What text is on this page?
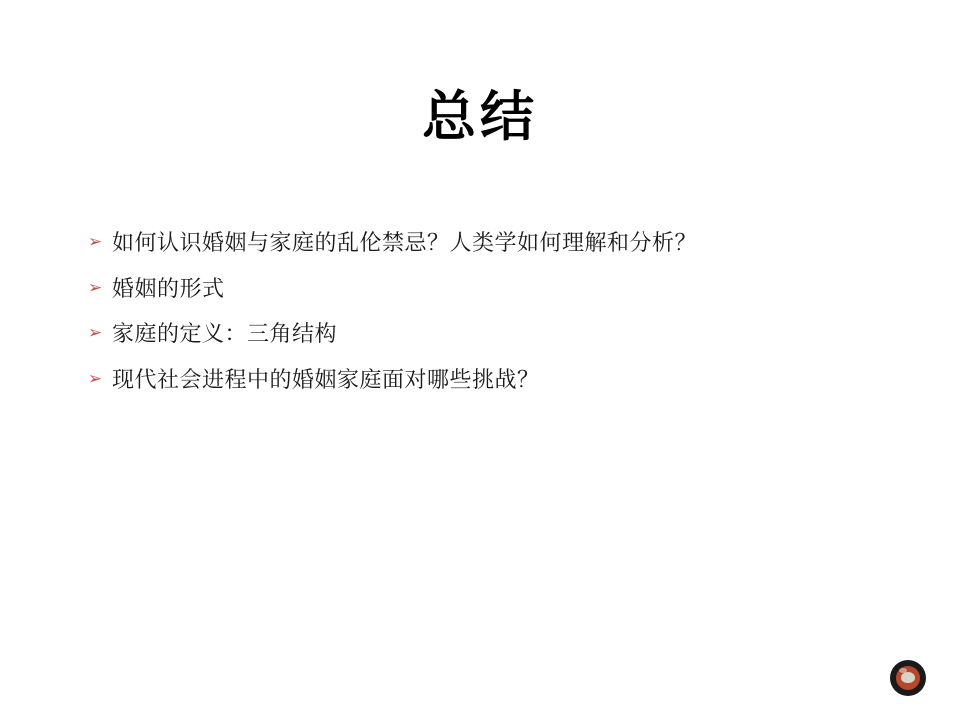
总结
➢ 如何认识婚姻与家庭的乱伦禁忌？人类学如何理解和分析？
➢ 婚姻的形式
➢ 家庭的定义：三角结构
➢ 现代社会进程中的婚姻家庭面对哪些挑战？
